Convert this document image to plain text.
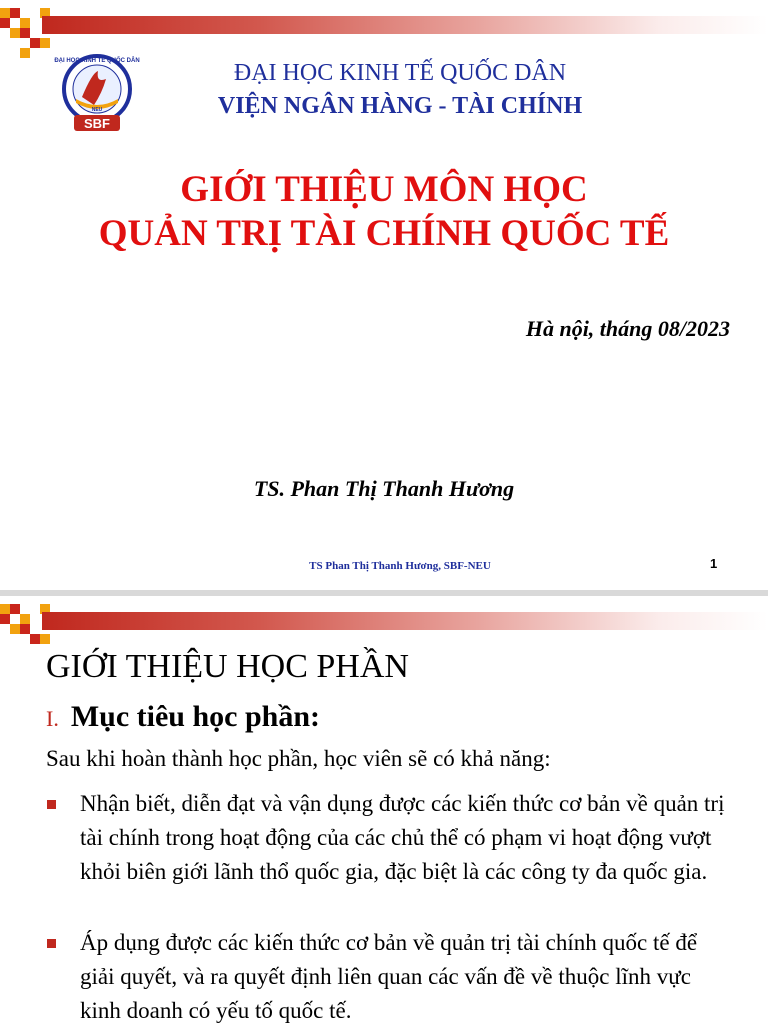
ĐẠI HỌC KINH TẾ QUỐC DÂN
NEU
SBF
ĐẠI HỌC KINH TẾ QUỐC DÂN
VIỆN NGÂN HÀNG - TÀI CHÍNH
GIỚI THIỆU MÔN HỌC
QUẢN TRỊ TÀI CHÍNH QUỐC TẾ
Hà nội, tháng 08/2023
TS. Phan Thị Thanh Hương
TS Phan Thị Thanh Hương, SBF-NEU	1
GIỚI THIỆU HỌC PHẦN
I. Mục tiêu học phần:
Sau khi hoàn thành học phần, học viên sẽ có khả năng:
Nhận biết, diễn đạt và vận dụng được các kiến thức cơ bản về quản trị tài chính trong hoạt động của các chủ thể có phạm vi hoạt động vượt khỏi biên giới lãnh thổ quốc gia, đặc biệt là các công ty đa quốc gia.
Áp dụng được các kiến thức cơ bản về quản trị tài chính quốc tế để giải quyết, và ra quyết định liên quan các vấn đề về thuộc lĩnh vực kinh doanh có yếu tố quốc tế.
